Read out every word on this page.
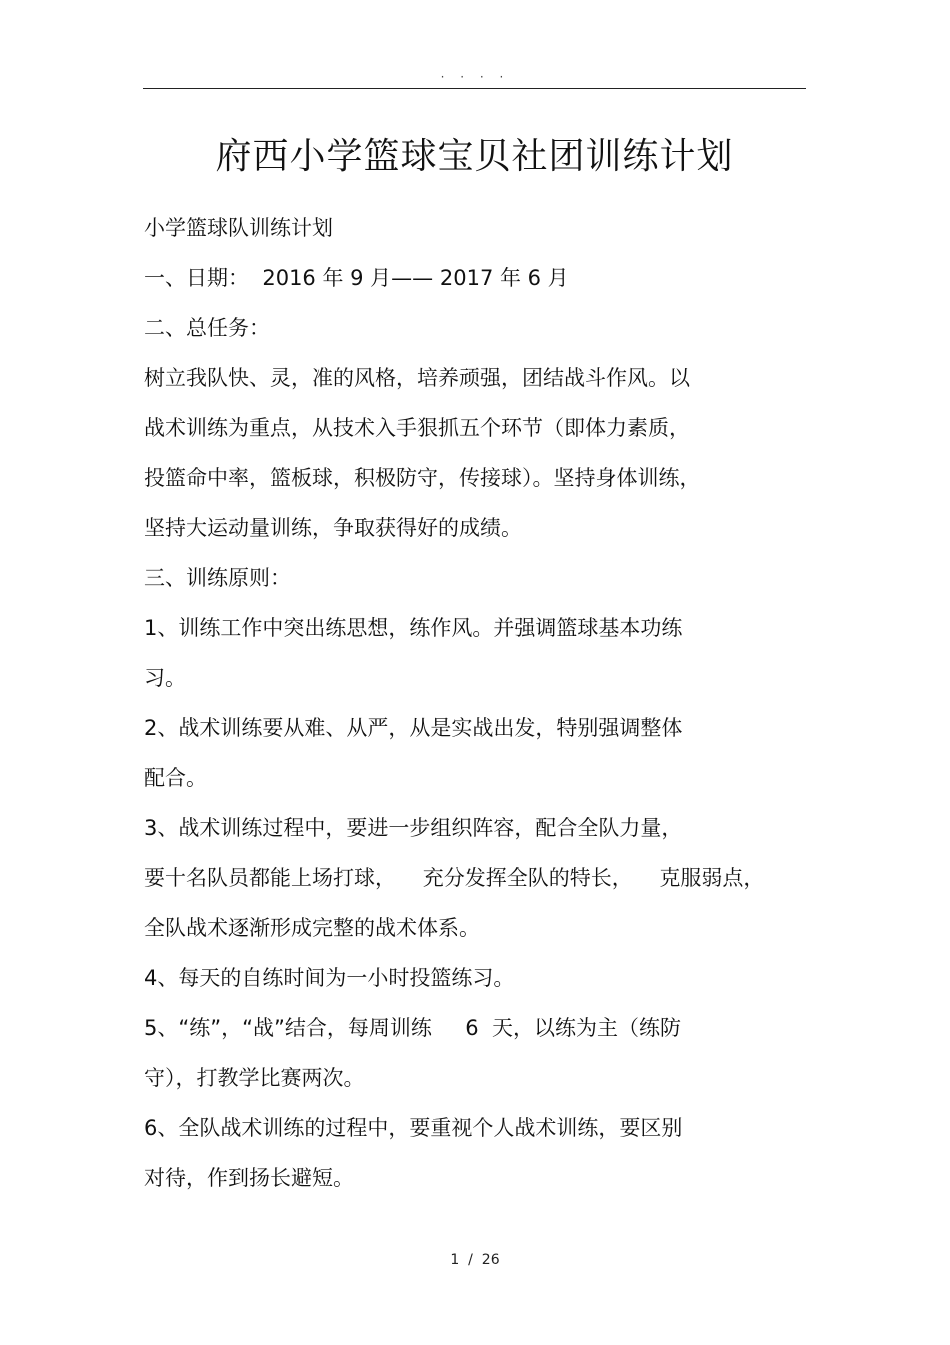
· · · ·
府西小学篮球宝贝社团训练计划
小学篮球队训练计划
一、日期：  2016 年 9 月—— 2017 年 6 月
二、总任务：
树立我队快、灵，准的风格，培养顽强，团结战斗作风。以
战术训练为重点，从技术入手狠抓五个环节（即体力素质，
投篮命中率，篮板球，积极防守，传接球）。坚持身体训练，
坚持大运动量训练，争取获得好的成绩。
三、训练原则：
1、训练工作中突出练思想，练作风。并强调篮球基本功练
习。
2、战术训练要从难、从严，从是实战出发，特别强调整体
配合。
3、战术训练过程中，要进一步组织阵容，配合全队力量，
要十名队员都能上场打球，    充分发挥全队的特长，    克服弱点，
全队战术逐渐形成完整的战术体系。
4、每天的自练时间为一小时投篮练习。
5、“练”，“战”结合，每周训练     6  天，以练为主（练防
守），打教学比赛两次。
6、全队战术训练的过程中，要重视个人战术训练，要区别
对待，作到扬长避短。
1  /  26
